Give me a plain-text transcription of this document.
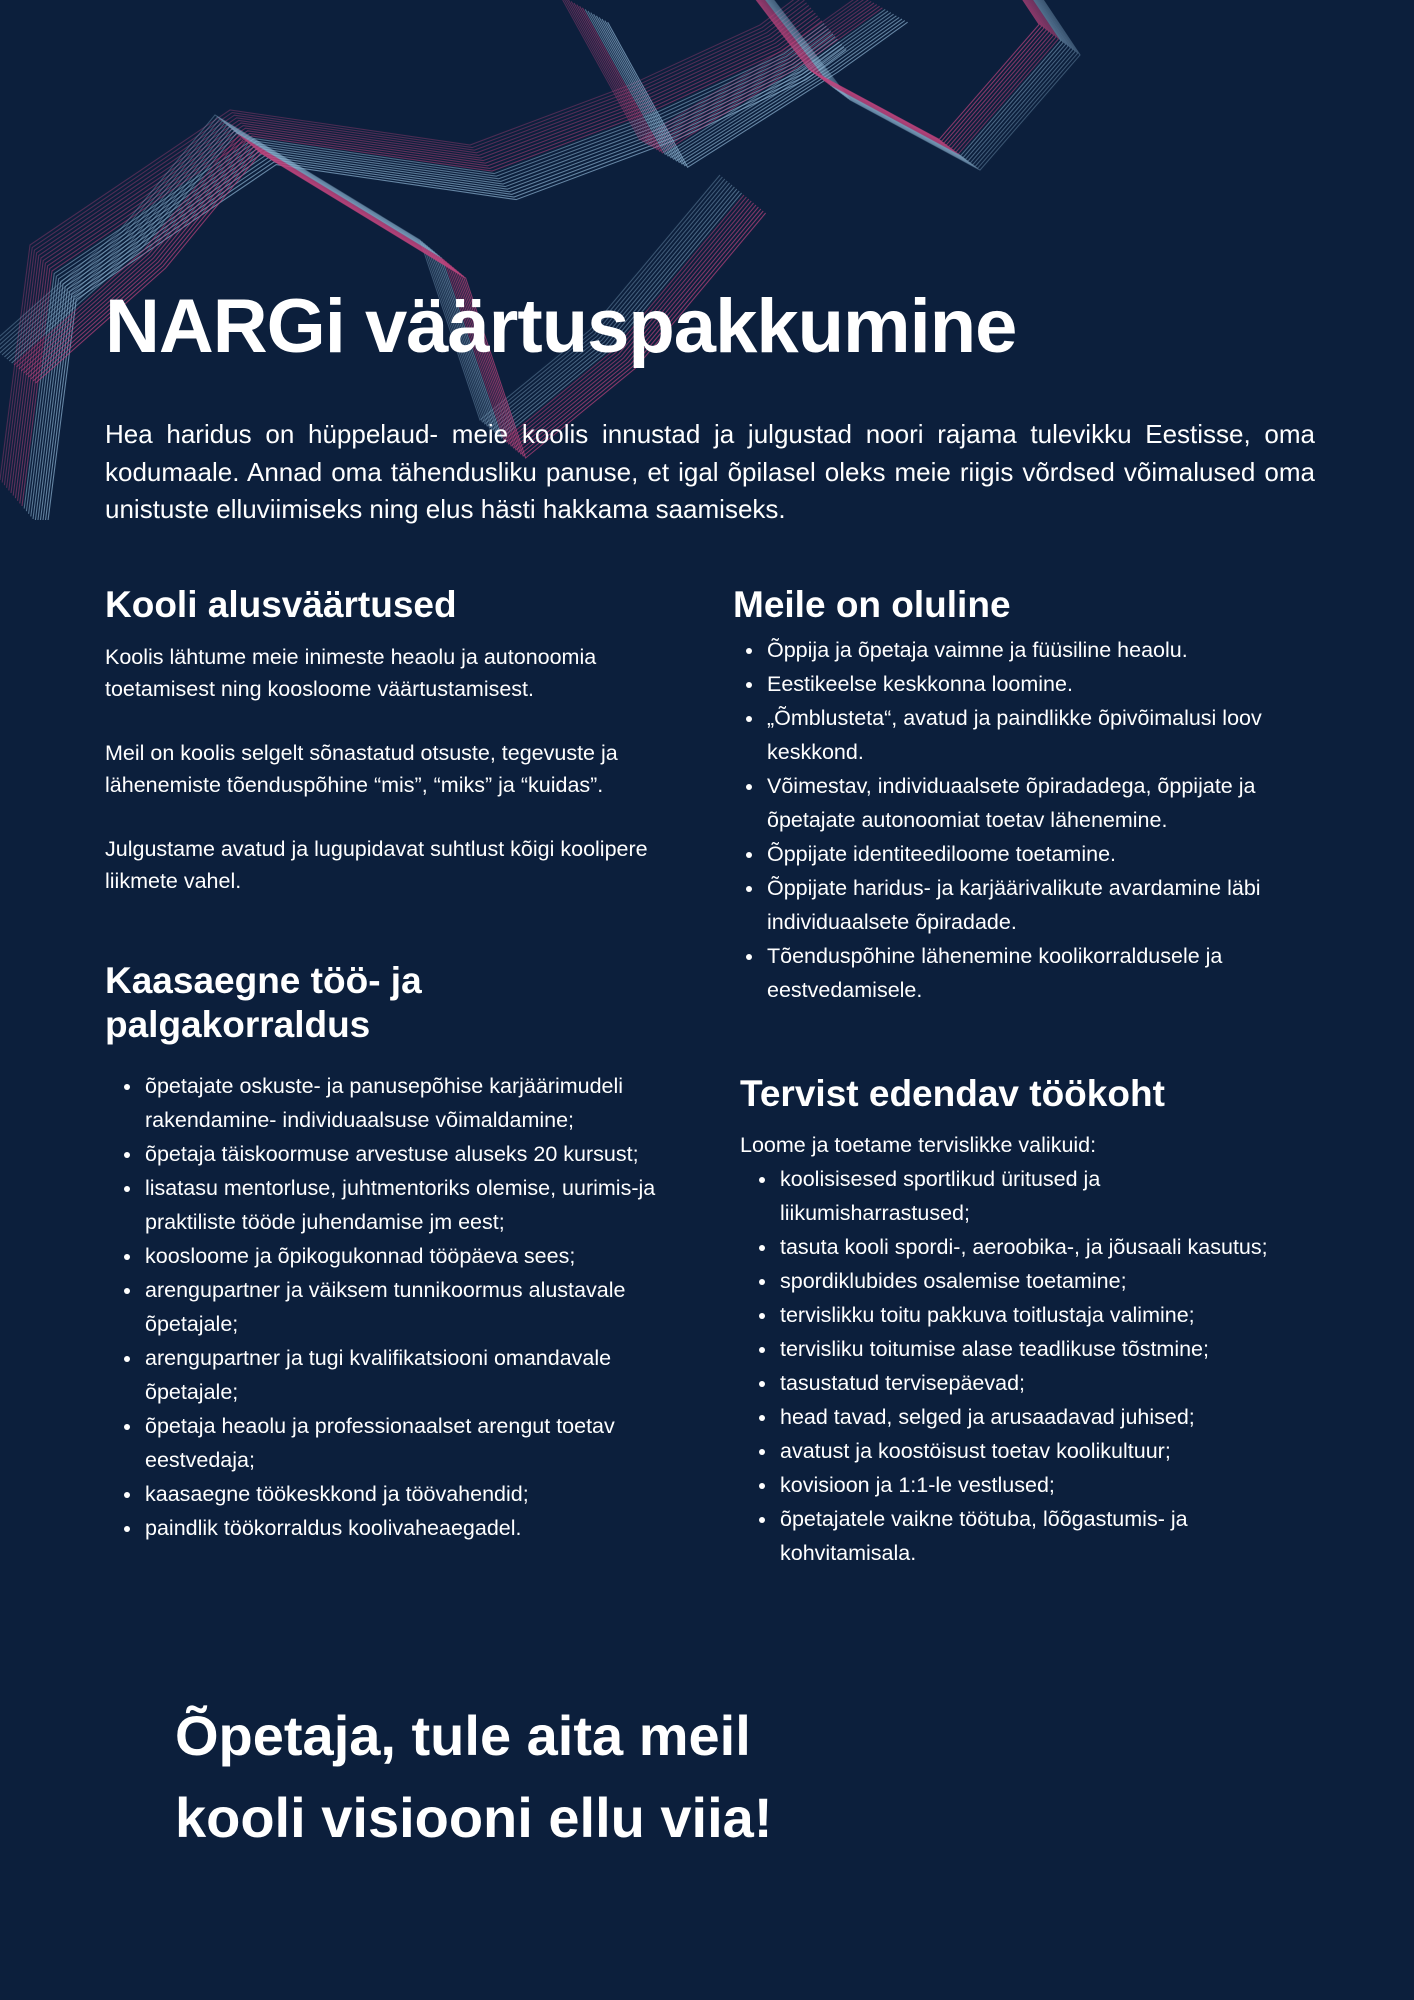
NARGi väärtuspakkumine

Hea haridus on hüppelaud- meie koolis innustad ja julgustad noori rajama tulevikku Eestisse, oma kodumaale. Annad oma tähendusliku panuse, et igal õpilasel oleks meie riigis võrdsed võimalused oma unistuste elluviimiseks ning elus hästi hakkama saamiseks.

Kooli alusväärtused

Koolis lähtume meie inimeste heaolu ja autonoomia toetamisest ning koosloome väärtustamisest.

Meil on koolis selgelt sõnastatud otsuste, tegevuste ja lähenemiste tõenduspõhine “mis”, “miks” ja “kuidas”.

Julgustame avatud ja lugupidavat suhtlust kõigi koolipere liikmete vahel.

Kaasaegne töö- ja palgakorraldus
• õpetajate oskuste- ja panusepõhise karjäärimudeli rakendamine- individuaalsuse võimaldamine;
• õpetaja täiskoormuse arvestuse aluseks 20 kursust;
• lisatasu mentorluse, juhtmentoriks olemise, uurimis-ja praktiliste tööde juhendamise jm eest;
• koosloome ja õpikogukonnad tööpäeva sees;
• arengupartner ja väiksem tunnikoormus alustavale õpetajale;
• arengupartner ja tugi kvalifikatsiooni omandavale õpetajale;
• õpetaja heaolu ja professionaalset arengut toetav eestvedaja;
• kaasaegne töökeskkond ja töövahendid;
• paindlik töökorraldus koolivaheaegadel.
Meile on oluline
• Õppija ja õpetaja vaimne ja füüsiline heaolu.
• Eestikeelse keskkonna loomine.
• „Õmblusteta“, avatud ja paindlikke õpivõimalusi loov keskkond.
• Võimestav, individuaalsete õpiradadega, õppijate ja õpetajate autonoomiat toetav lähenemine.
• Õppijate identiteediloome toetamine.
• Õppijate haridus- ja karjäärivalikute avardamine läbi individuaalsete õpiradade.
• Tõenduspõhine lähenemine koolikorraldusele ja eestvedamisele.
Tervist edendav töökoht

Loome ja toetame tervislikke valikuid:

• koolisisesed sportlikud üritused ja liikumisharrastused;
• tasuta kooli spordi-, aeroobika-, ja jõusaali kasutus;
• spordiklubides osalemise toetamine;
• tervislikku toitu pakkuva toitlustaja valimine;
• tervisliku toitumise alase teadlikuse tõstmine;
• tasustatud tervisepäevad;
• head tavad, selged ja arusaadavad juhised;
• avatust ja koostöisust toetav koolikultuur;
• kovisioon ja 1:1-le vestlused;
• õpetajatele vaikne töötuba, lõõgastumis- ja kohvitamisala.
Õpetaja, tule aita meil
kooli visiooni ellu viia!
